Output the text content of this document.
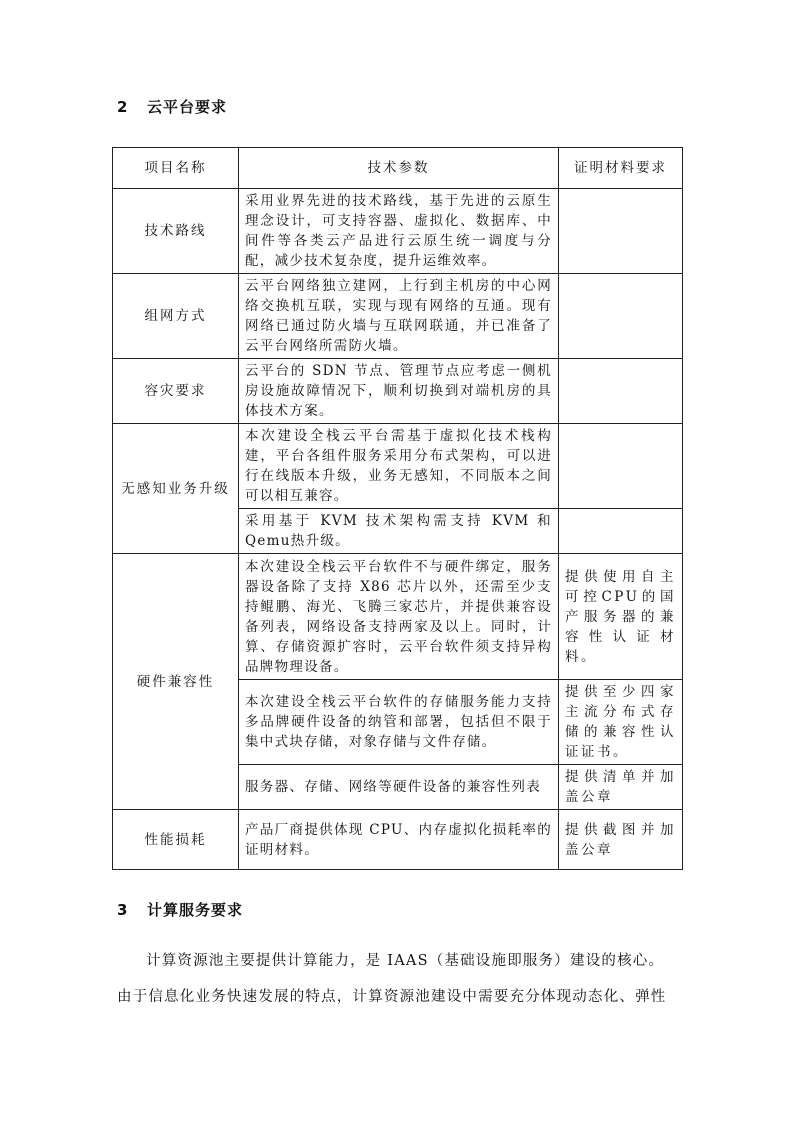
2 云平台要求
项目名称	技术参数	证明材料要求
技术路线	采用业界先进的技术路线，基于先进的云原生理念设计，可支持容器、虚拟化、数据库、中间件等各类云产品进行云原生统一调度与分配，减少技术复杂度，提升运维效率。	
组网方式	云平台网络独立建网，上行到主机房的中心网络交换机互联，实现与现有网络的互通。现有网络已通过防火墙与互联网联通，并已准备了云平台网络所需防火墙。	
容灾要求	云平台的 SDN 节点、管理节点应考虑一侧机房设施故障情况下，顺利切换到对端机房的具体技术方案。	
无感知业务升级	本次建设全栈云平台需基于虚拟化技术栈构建，平台各组件服务采用分布式架构，可以进行在线版本升级，业务无感知，不同版本之间可以相互兼容。	
	采用基于 KVM 技术架构需支持 KVM 和 Qemu热升级。	
硬件兼容性	本次建设全栈云平台软件不与硬件绑定，服务器设备除了支持 X86 芯片以外，还需至少支持鲲鹏、海光、飞腾三家芯片，并提供兼容设备列表，网络设备支持两家及以上。同时，计算、存储资源扩容时，云平台软件须支持异构品牌物理设备。	提供使用自主可控CPU的国产服务器的兼容性认证材料。
	本次建设全栈云平台软件的存储服务能力支持多品牌硬件设备的纳管和部署，包括但不限于集中式块存储，对象存储与文件存储。	提供至少四家主流分布式存储的兼容性认证证书。
	服务器、存储、网络等硬件设备的兼容性列表	提供清单并加盖公章
性能损耗	产品厂商提供体现 CPU、内存虚拟化损耗率的证明材料。	提供截图并加盖公章
3 计算服务要求
计算资源池主要提供计算能力，是 IAAS（基础设施即服务）建设的核心。
由于信息化业务快速发展的特点，计算资源池建设中需要充分体现动态化、弹性
